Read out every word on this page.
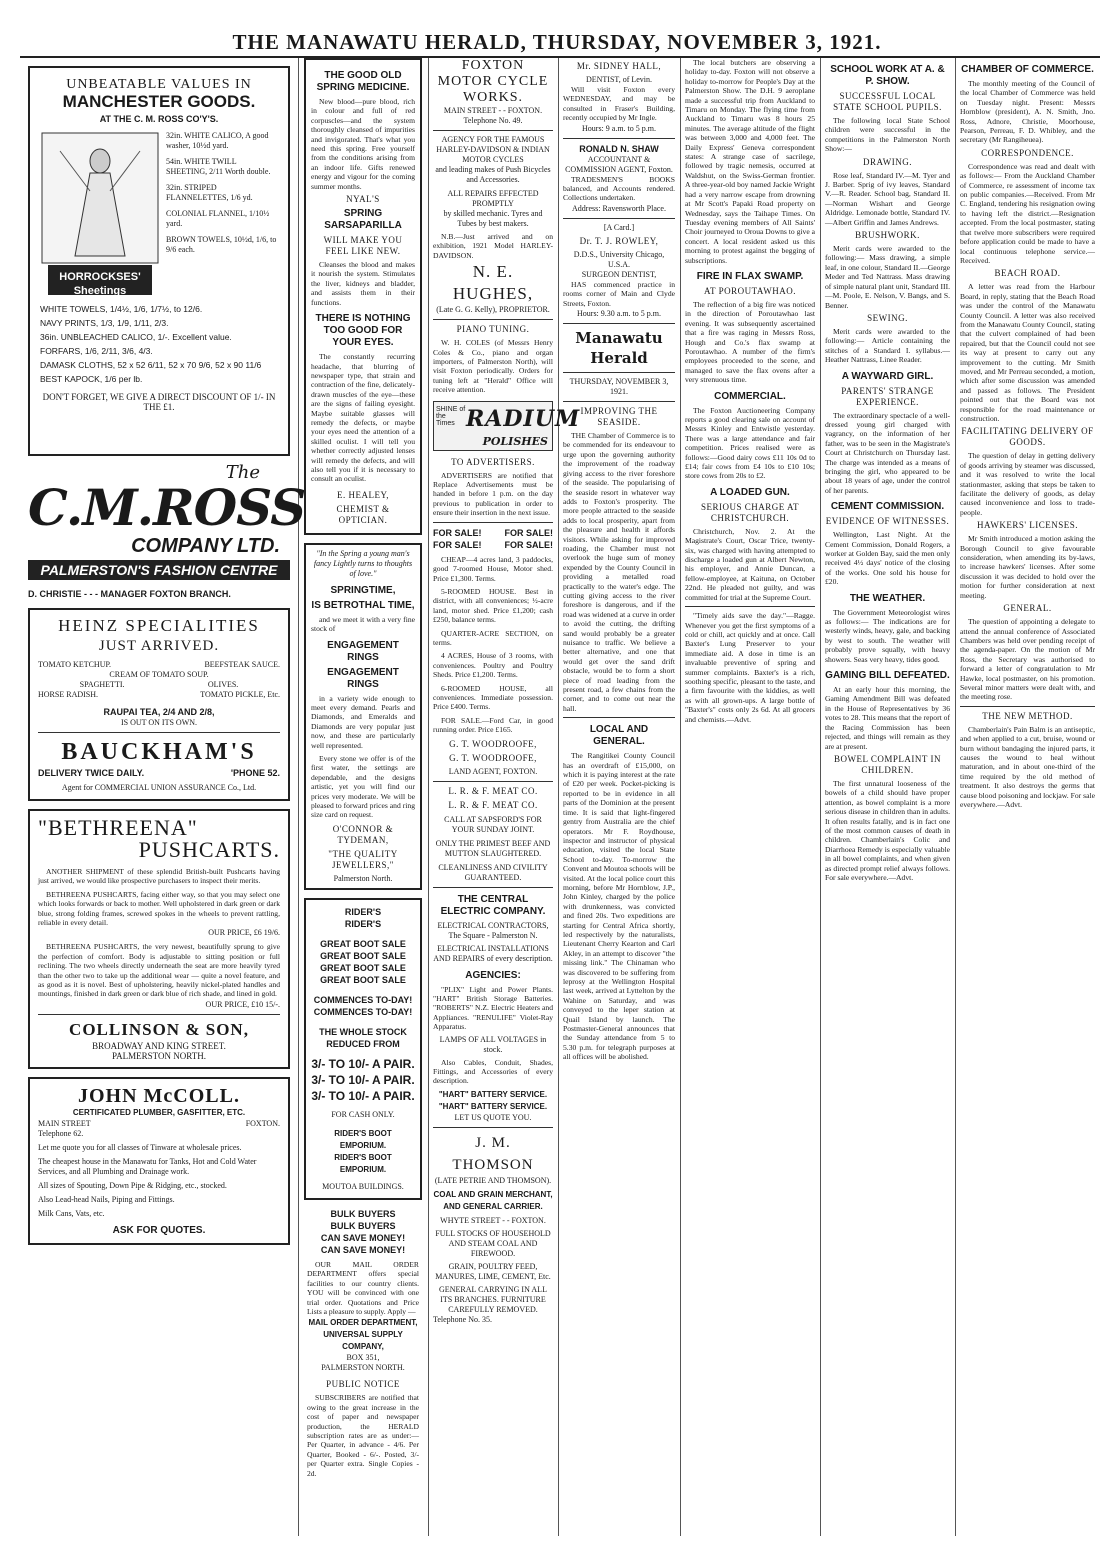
THE MANAWATU HERALD, THURSDAY, NOVEMBER 3, 1921.
UNBEATABLE VALUES IN
MANCHESTER GOODS.
AT THE C. M. ROSS CO'Y'S.
HORROCKSES' Sheetings
32in. WHITE CALICO, A good washer, 10½d yard.
54in. WHITE TWILL SHEETING, 2/11 Worth double.
32in. STRIPED FLANNELETTES, 1/6 yd.
COLONIAL FLANNEL, 1/10½ yard.
BROWN TOWELS, 10½d, 1/6, to 9/6 each.
WHITE TOWELS, 1/4½, 1/6, 1/7½, to 12/6.
NAVY PRINTS, 1/3, 1/9, 1/11, 2/3.
36in. UNBLEACHED CALICO, 1/-. Excellent value.
FORFARS, 1/6, 2/11, 3/6, 4/3.
DAMASK CLOTHS, 52 x 52 6/11, 52 x 70 9/6, 52 x 90 11/6
BEST KAPOCK, 1/6 per lb.
DON'T FORGET, WE GIVE A DIRECT DISCOUNT OF 1/- IN THE £1.
The
C.M.ROSS
COMPANY LTD.
PALMERSTON'S FASHION CENTRE
D. CHRISTIE - - - MANAGER FOXTON BRANCH.
HEINZ SPECIALITIES
JUST ARRIVED.
TOMATO KETCHUP.	BEEFSTEAK SAUCE.
CREAM OF TOMATO SOUP.
SPAGHETTI.	OLIVES.
HORSE RADISH.	TOMATO PICKLE, Etc.
RAUPAI TEA, 2/4 AND 2/8,
IS OUT ON ITS OWN.
BAUCKHAM'S
DELIVERY TWICE DAILY.	'PHONE 52.
Agent for COMMERCIAL UNION ASSURANCE Co., Ltd.
"BETHREENA"
PUSHCARTS.
ANOTHER SHIPMENT of these splendid British-built Pushcarts having just arrived, we would like prospective purchasers to inspect their merits.
BETHREENA PUSHCARTS, facing either way, so that you may select one which looks forwards or back to mother. Well upholstered in dark green or dark blue, strong folding frames, screwed spokes in the wheels to prevent rattling, reliable in every detail.
OUR PRICE, £6 19/6.
BETHREENA PUSHCARTS, the very newest, beautifully sprung to give the perfection of comfort. Body is adjustable to sitting position or full reclining. The two wheels directly underneath the seat are more heavily tyred than the other two to take up the additional wear — quite a novel feature, and as good as it is novel. Best of upholstering, heavily nickel-plated handles and mountings, finished in dark green or dark blue of rich shade, and lined in gold.
OUR PRICE, £10 15/-.
COLLINSON & SON,
BROADWAY AND KING STREET.
PALMERSTON NORTH.
JOHN McCOLL.
CERTIFICATED PLUMBER, GASFITTER, ETC.
MAIN STREET	FOXTON.
Telephone 62.
Let me quote you for all classes of Tinware at wholesale prices.
The cheapest house in the Manawatu for Tanks, Hot and Cold Water Services, and all Plumbing and Drainage work.
All sizes of Spouting, Down Pipe & Ridging, etc., stocked.
Also Lead-head Nails, Piping and Fittings.
Milk Cans, Vats, etc.
ASK FOR QUOTES.
THE GOOD OLD SPRING MEDICINE.
New blood—pure blood, rich in colour and full of red corpuscles—and the system thoroughly cleansed of impurities and invigorated. That's what you need this spring. Free yourself from the conditions arising from an indoor life. Gifts renewed energy and vigour for the coming summer months.
NYAL'S
SPRING SARSAPARILLA
WILL MAKE YOU FEEL LIKE NEW.
Cleanses the blood and makes it nourish the system. Stimulates the liver, kidneys and bladder, and assists them in their functions.
THERE IS NOTHING TOO GOOD FOR YOUR EYES.
The constantly recurring headache, that blurring of newspaper type, that strain and contraction of the fine, delicately-drawn muscles of the eye—these are the signs of failing eyesight. Maybe suitable glasses will remedy the defects, or maybe your eyes need the attention of a skilled oculist. I will tell you whether correctly adjusted lenses will remedy the defects, and will also tell you if it is necessary to consult an oculist.
E. HEALEY,
CHEMIST & OPTICIAN.
"In the Spring a young man's fancy Lightly turns to thoughts of love."
SPRINGTIME,
IS BETROTHAL TIME,
and we meet it with a very fine stock of
ENGAGEMENT RINGS
ENGAGEMENT RINGS
in a variety wide enough to meet every demand. Pearls and Diamonds, and Emeralds and Diamonds are very popular just now, and these are particularly well represented.
Every stone we offer is of the first water, the settings are dependable, and the designs artistic, yet you will find our prices very moderate. We will be pleased to forward prices and ring size card on request.
O'CONNOR & TYDEMAN,
"THE QUALITY JEWELLERS,"
Palmerston North.
RIDER'S
RIDER'S
GREAT BOOT SALE
GREAT BOOT SALE
GREAT BOOT SALE
GREAT BOOT SALE
COMMENCES TO-DAY!
COMMENCES TO-DAY!
THE WHOLE STOCK
REDUCED FROM
3/- TO 10/- A PAIR.
3/- TO 10/- A PAIR.
3/- TO 10/- A PAIR.
FOR CASH ONLY.
RIDER'S BOOT EMPORIUM.
RIDER'S BOOT EMPORIUM.
MOUTOA BUILDINGS.
BULK BUYERS
BULK BUYERS
CAN SAVE MONEY!
CAN SAVE MONEY!
OUR MAIL ORDER DEPARTMENT offers special facilities to our country clients. YOU will be convinced with one trial order. Quotations and Price Lists a pleasure to supply. Apply —
MAIL ORDER DEPARTMENT,
UNIVERSAL SUPPLY COMPANY,
BOX 351,
PALMERSTON NORTH.
PUBLIC NOTICE
SUBSCRIBERS are notified that owing to the great increase in the cost of paper and newspaper production, the HERALD subscription rates are as under:— Per Quarter, in advance - 4/6. Per Quarter, Booked - 6/-. Posted, 3/- per Quarter extra. Single Copies - 2d.
FOXTON
MOTOR CYCLE WORKS.
MAIN STREET - - FOXTON.
Telephone No. 49.
AGENCY FOR THE FAMOUS HARLEY-DAVIDSON & INDIAN MOTOR CYCLES
and leading makes of Push Bicycles and Accessories.
ALL REPAIRS EFFECTED PROMPTLY
by skilled mechanic. Tyres and Tubes by best makers.
N.B.—Just arrived and on exhibition, 1921 Model HARLEY-DAVIDSON.
N. E. HUGHES,
(Late G. G. Kelly), PROPRIETOR.
PIANO TUNING.
W. H. COLES (of Messrs Henry Coles & Co., piano and organ importers, of Palmerston North), will visit Foxton periodically. Orders for tuning left at "Herald" Office will receive attention.
SHINE of the Times RADIUM
POLISHES
TO ADVERTISERS.
ADVERTISERS are notified that Replace Advertisements must be handed in before 1 p.m. on the day previous to publication in order to ensure their insertion in the next issue.
FOR SALE!	FOR SALE!
FOR SALE!	FOR SALE!
CHEAP—4 acres land, 3 paddocks, good 7-roomed House, Motor shed. Price £1,300. Terms.
5-ROOMED HOUSE. Best in district, with all conveniences; ½-acre land, motor shed. Price £1,200; cash £250, balance terms.
QUARTER-ACRE SECTION, on terms.
4 ACRES, House of 3 rooms, with conveniences. Poultry and Poultry Sheds. Price £1,200. Terms.
6-ROOMED HOUSE, all conveniences. Immediate possession. Price £400. Terms.
FOR SALE.—Ford Car, in good running order. Price £165.
G. T. WOODROOFE,
G. T. WOODROOFE,
LAND AGENT, FOXTON.
L. R. & F. MEAT CO.
L. R. & F. MEAT CO.
CALL AT SAPSFORD'S FOR YOUR SUNDAY JOINT.
ONLY THE PRIMEST BEEF AND MUTTON SLAUGHTERED.
CLEANLINESS AND CIVILITY GUARANTEED.
THE CENTRAL ELECTRIC COMPANY.
ELECTRICAL CONTRACTORS, The Square - Palmerston N.
ELECTRICAL INSTALLATIONS AND REPAIRS of every description.
AGENCIES:
"PLIX" Light and Power Plants. "HART" British Storage Batteries. "ROBERTS" N.Z. Electric Heaters and Appliances. "RENULIFE" Violet-Ray Apparatus.
LAMPS OF ALL VOLTAGES in stock.
Also Cables, Conduit, Shades, Fittings, and Accessories of every description.
"HART" BATTERY SERVICE.
"HART" BATTERY SERVICE.
LET US QUOTE YOU.
J. M. THOMSON
(LATE PETRIE AND THOMSON).
COAL AND GRAIN MERCHANT, AND GENERAL CARRIER.
WHYTE STREET - - FOXTON.
FULL STOCKS OF HOUSEHOLD AND STEAM COAL AND FIREWOOD.
GRAIN, POULTRY FEED, MANURES, LIME, CEMENT, Etc.
GENERAL CARRYING IN ALL ITS BRANCHES. FURNITURE CAREFULLY REMOVED.
Telephone No. 35.
Mr. SIDNEY HALL,
DENTIST, of Levin.
Will visit Foxton every WEDNESDAY, and may be consulted in Fraser's Building, recently occupied by Mr Ingle.
Hours: 9 a.m. to 5 p.m.
RONALD N. SHAW
ACCOUNTANT & COMMISSION AGENT, Foxton.
TRADESMEN'S BOOKS balanced, and Accounts rendered. Collections undertaken.
Address: Ravensworth Place.
[A Card.]
Dr. T. J. ROWLEY,
D.D.S., University Chicago, U.S.A.
SURGEON DENTIST,
HAS commenced practice in rooms corner of Main and Clyde Streets, Foxton.
Hours: 9.30 a.m. to 5 p.m.
Manawatu Herald
THURSDAY, NOVEMBER 3, 1921.
IMPROVING THE SEASIDE.
THE Chamber of Commerce is to be commended for its endeavour to urge upon the governing authority the improvement of the roadway giving access to the river foreshore of the seaside. The popularising of the seaside resort in whatever way adds to Foxton's prosperity. The more people attracted to the seaside adds to local prosperity, apart from the pleasure and health it affords visitors. While asking for improved roading, the Chamber must not overlook the huge sum of money expended by the County Council in providing a metalled road practically to the water's edge. The cutting giving access to the river foreshore is dangerous, and if the road was widened at a curve in order to avoid the cutting, the drifting sand would probably be a greater nuisance to traffic. We believe a better alternative, and one that would get over the sand drift obstacle, would be to form a short piece of road leading from the present road, a few chains from the corner, and to come out near the hall.
LOCAL AND GENERAL.
The Rangitikei County Council has an overdraft of £15,000, on which it is paying interest at the rate of £20 per week. Pocket-picking is reported to be in evidence in all parts of the Dominion at the present time. It is said that light-fingered gentry from Australia are the chief operators. Mr F. Roydhouse, inspector and instructor of physical education, visited the local State School to-day. To-morrow the Convent and Moutoa schools will be visited. At the local police court this morning, before Mr Hornblow, J.P., John Kinley, charged by the police with drunkenness, was convicted and fined 20s. Two expeditions are starting for Central Africa shortly, led respectively by the naturalists, Lieutenant Cherry Kearton and Carl Akley, in an attempt to discover "the missing link." The Chinaman who was discovered to be suffering from leprosy at the Wellington Hospital last week, arrived at Lyttelton by the Wahine on Saturday, and was conveyed to the leper station at Quail Island by launch. The Postmaster-General announces that the Sunday attendance from 5 to 5.30 p.m. for telegraph purposes at all offices will be abolished.
The local butchers are observing a holiday to-day. Foxton will not observe a holiday to-morrow for People's Day at the Palmerston Show. The D.H. 9 aeroplane made a successful trip from Auckland to Timaru on Monday. The flying time from Auckland to Timaru was 8 hours 25 minutes. The average altitude of the flight was between 3,000 and 4,000 feet. The Daily Express' Geneva correspondent states: A strange case of sacrilege, followed by tragic nemesis, occurred at Waldshut, on the Swiss-German frontier. A three-year-old boy named Jackie Wright had a very narrow escape from drowning at Mr Scott's Papaki Road property on Wednesday, says the Taihape Times. On Tuesday evening members of All Saints' Choir journeyed to Oroua Downs to give a concert. A local resident asked us this morning to protest against the begging of subscriptions.
FIRE IN FLAX SWAMP.
AT POROUTAWHAO.
The reflection of a big fire was noticed in the direction of Poroutawhao last evening. It was subsequently ascertained that a fire was raging in Messrs Ross, Hough and Co.'s flax swamp at Poroutawhao. A number of the firm's employees proceeded to the scene, and managed to save the flax ovens after a very strenuous time.
COMMERCIAL.
The Foxton Auctioneering Company reports a good clearing sale on account of Messrs Kinley and Entwistle yesterday. There was a large attendance and fair competition. Prices realised were as follows:—Good dairy cows £11 10s 0d to £14; fair cows from £4 10s to £10 10s; store cows from 20s to £2.
A LOADED GUN.
SERIOUS CHARGE AT CHRISTCHURCH.
Christchurch, Nov. 2. At the Magistrate's Court, Oscar Trice, twenty-six, was charged with having attempted to discharge a loaded gun at Albert Newton, his employer, and Annie Duncan, a fellow-employee, at Kaituna, on October 22nd. He pleaded not guilty, and was committed for trial at the Supreme Court.
"Timely aids save the day."—Ragge. Whenever you get the first symptoms of a cold or chill, act quickly and at once. Call Baxter's Lung Preserver to your immediate aid. A dose in time is an invaluable preventive of spring and summer complaints. Baxter's is a rich, soothing specific, pleasant to the taste, and a firm favourite with the kiddies, as well as with all grown-ups. A large bottle of "Baxter's" costs only 2s 6d. At all grocers and chemists.—Advt.
SCHOOL WORK AT A. & P. SHOW.
SUCCESSFUL LOCAL STATE SCHOOL PUPILS.
The following local State School children were successful in the competitions in the Palmerston North Show:—
DRAWING.
Rose leaf, Standard IV.—M. Tyer and J. Barber. Sprig of ivy leaves, Standard V.—R. Reader. School bag, Standard II.—Norman Wishart and George Aldridge. Lemonade bottle, Standard IV.—Albert Griffin and James Andrews.
BRUSHWORK.
Merit cards were awarded to the following:— Mass drawing, a simple leaf, in one colour, Standard II.—George Meder and Ted Nattrass. Mass drawing of simple natural plant unit, Standard III.—M. Poole, E. Nelson, V. Bangs, and S. Benner.
SEWING.
Merit cards were awarded to the following:— Article containing the stitches of a Standard I. syllabus.—Heather Nattrass, Linee Reader.
A WAYWARD GIRL.
PARENTS' STRANGE EXPERIENCE.
The extraordinary spectacle of a well-dressed young girl charged with vagrancy, on the information of her father, was to be seen in the Magistrate's Court at Christchurch on Thursday last. The charge was intended as a means of bringing the girl, who appeared to be about 18 years of age, under the control of her parents.
CEMENT COMMISSION.
EVIDENCE OF WITNESSES.
Wellington, Last Night. At the Cement Commission, Donald Rogers, a worker at Golden Bay, said the men only received 4½ days' notice of the closing of the works. One sold his house for £20.
THE WEATHER.
The Government Meteorologist wires as follows:— The indications are for westerly winds, heavy, gale, and backing by west to south. The weather will probably prove squally, with heavy showers. Seas very heavy, tides good.
GAMING BILL DEFEATED.
At an early hour this morning, the Gaming Amendment Bill was defeated in the House of Representatives by 36 votes to 28. This means that the report of the Racing Commission has been rejected, and things will remain as they are at present.
BOWEL COMPLAINT IN CHILDREN.
The first unnatural looseness of the bowels of a child should have proper attention, as bowel complaint is a more serious disease in children than in adults. It often results fatally, and is in fact one of the most common causes of death in children. Chamberlain's Colic and Diarrhoea Remedy is especially valuable in all bowel complaints, and when given as directed prompt relief always follows. For sale everywhere.—Advt.
CHAMBER OF COMMERCE.
The monthly meeting of the Council of the local Chamber of Commerce was held on Tuesday night. Present: Messrs Hornblow (president), A. N. Smith, Jno. Ross, Adnore, Christie, Moorhouse, Pearson, Perreau, F. D. Whibley, and the secretary (Mr Rangiheuea).
CORRESPONDENCE.
Correspondence was read and dealt with as follows:— From the Auckland Chamber of Commerce, re assessment of income tax on public companies.—Received. From Mr C. England, tendering his resignation owing to having left the district.—Resignation accepted. From the local postmaster, stating that twelve more subscribers were required before application could be made to have a local continuous telephone service.—Received.
BEACH ROAD.
A letter was read from the Harbour Board, in reply, stating that the Beach Road was under the control of the Manawatu County Council. A letter was also received from the Manawatu County Council, stating that the culvert complained of had been repaired, but that the Council could not see its way at present to carry out any improvement to the cutting. Mr Smith moved, and Mr Perreau seconded, a motion, which after some discussion was amended and passed as follows. The President pointed out that the Board was not responsible for the road maintenance or construction.
FACILITATING DELIVERY OF GOODS.
The question of delay in getting delivery of goods arriving by steamer was discussed, and it was resolved to write the local stationmaster, asking that steps be taken to facilitate the delivery of goods, as delay caused inconvenience and loss to trade-people.
HAWKERS' LICENSES.
Mr Smith introduced a motion asking the Borough Council to give favourable consideration, when amending its by-laws, to increase hawkers' licenses. After some discussion it was decided to hold over the motion for further consideration at next meeting.
GENERAL.
The question of appointing a delegate to attend the annual conference of Associated Chambers was held over pending receipt of the agenda-paper. On the motion of Mr Ross, the Secretary was authorised to forward a letter of congratulation to Mr Hawke, local postmaster, on his promotion. Several minor matters were dealt with, and the meeting rose.
THE NEW METHOD.
Chamberlain's Pain Balm is an antiseptic, and when applied to a cut, bruise, wound or burn without bandaging the injured parts, it causes the wound to heal without maturation, and in about one-third of the time required by the old method of treatment. It also destroys the germs that cause blood poisoning and lockjaw. For sale everywhere.—Advt.
